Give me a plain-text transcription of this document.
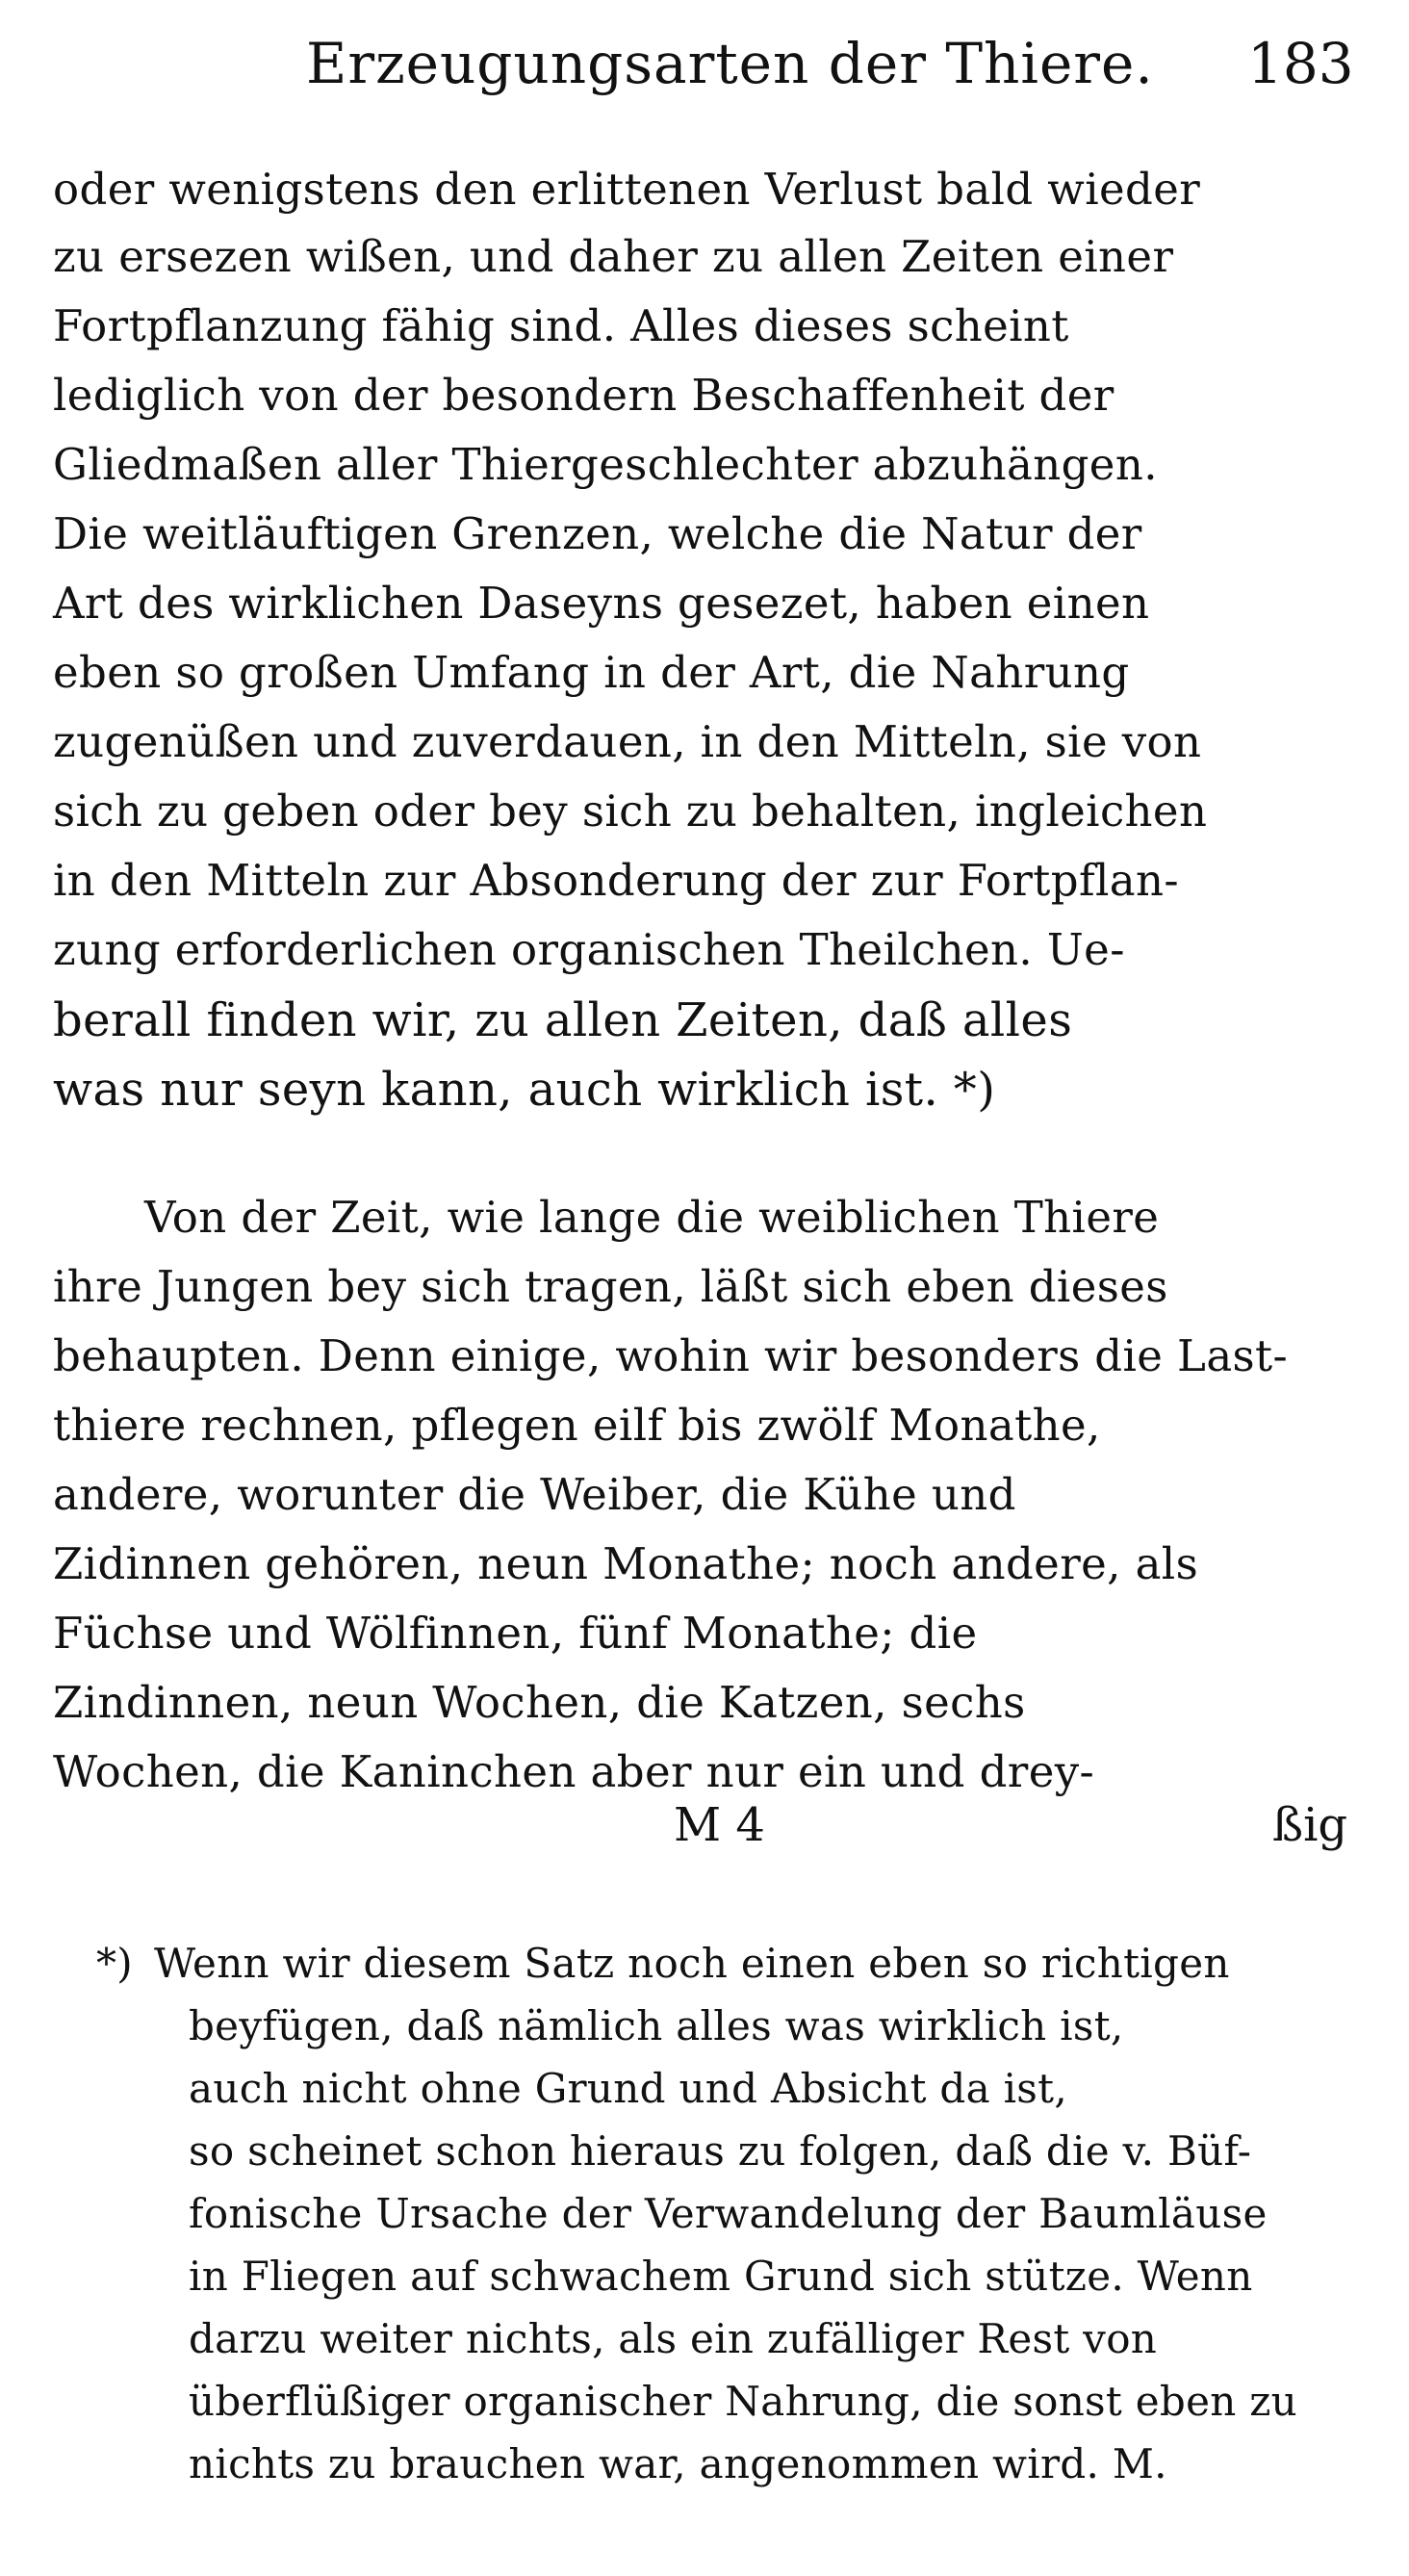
Erzeugungsarten der Thiere. 183
oder wenigstens den erlittenen Verlust bald wieder
zu ersezen wißen, und daher zu allen Zeiten einer
Fortpflanzung fähig sind. Alles dieses scheint
lediglich von der besondern Beschaffenheit der
Gliedmaßen aller Thiergeschlechter abzuhängen.
Die weitläuftigen Grenzen, welche die Natur der
Art des wirklichen Daseyns gesezet, haben einen
eben so großen Umfang in der Art, die Nahrung
zugenüßen und zuverdauen, in den Mitteln, sie von
sich zu geben oder bey sich zu behalten, ingleichen
in den Mitteln zur Absonderung der zur Fortpflan-
zung erforderlichen organischen Theilchen. Ue-
berall finden wir, zu allen Zeiten, daß alles
was nur seyn kann, auch wirklich ist. *)
Von der Zeit, wie lange die weiblichen Thiere
ihre Jungen bey sich tragen, läßt sich eben dieses
behaupten. Denn einige, wohin wir besonders die Last-
thiere rechnen, pflegen eilf bis zwölf Monathe,
andere, worunter die Weiber, die Kühe und
Zidinnen gehören, neun Monathe; noch andere, als
Füchse und Wölfinnen, fünf Monathe; die
Zindinnen, neun Wochen, die Katzen, sechs
Wochen, die Kaninchen aber nur ein und drey-
M 4	ßig
*) Wenn wir diesem Satz noch einen eben so richtigen
beyfügen, daß nämlich alles was wirklich ist,
auch nicht ohne Grund und Absicht da ist,
so scheinet schon hieraus zu folgen, daß die v. Büf-
fonische Ursache der Verwandelung der Baumläuse
in Fliegen auf schwachem Grund sich stütze. Wenn
darzu weiter nichts, als ein zufälliger Rest von
überflüßiger organischer Nahrung, die sonst eben zu
nichts zu brauchen war, angenommen wird. M.
